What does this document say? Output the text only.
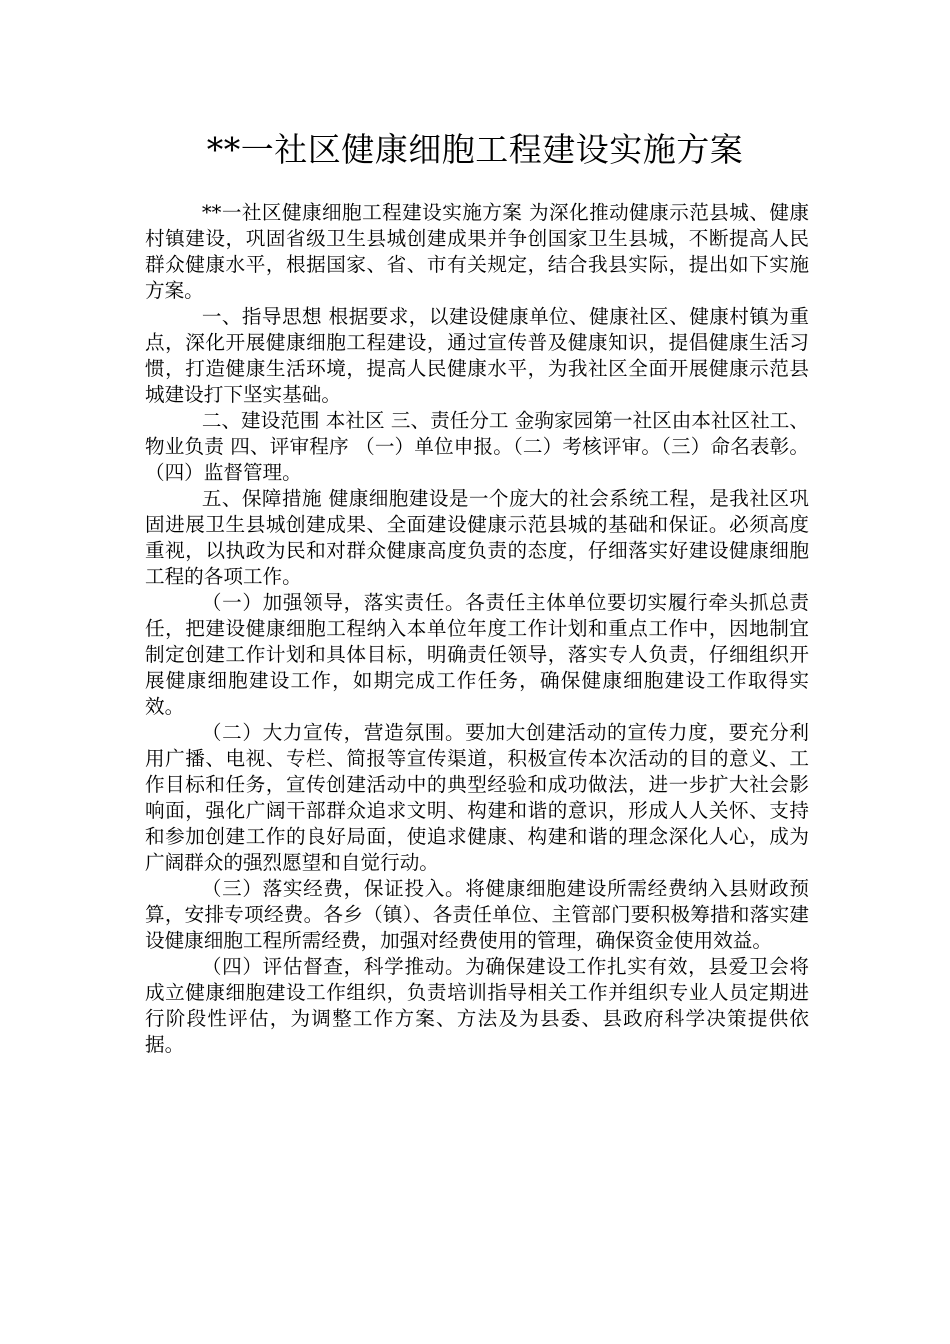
**一社区健康细胞工程建设实施方案

**一社区健康细胞工程建设实施方案 为深化推动健康示范县城、健康村镇建设，巩固省级卫生县城创建成果并争创国家卫生县城，不断提高人民群众健康水平，根据国家、省、市有关规定，结合我县实际，提出如下实施方案。

一、指导思想 根据要求，以建设健康单位、健康社区、健康村镇为重点，深化开展健康细胞工程建设，通过宣传普及健康知识，提倡健康生活习惯，打造健康生活环境，提高人民健康水平，为我社区全面开展健康示范县城建设打下坚实基础。

二、建设范围 本社区 三、责任分工 金驹家园第一社区由本社区社工、物业负责 四、评审程序 （一）单位申报。（二）考核评审。（三）命名表彰。（四）监督管理。

五、保障措施 健康细胞建设是一个庞大的社会系统工程，是我社区巩固进展卫生县城创建成果、全面建设健康示范县城的基础和保证。必须高度重视，以执政为民和对群众健康高度负责的态度，仔细落实好建设健康细胞工程的各项工作。

（一）加强领导，落实责任。各责任主体单位要切实履行牵头抓总责任，把建设健康细胞工程纳入本单位年度工作计划和重点工作中，因地制宜制定创建工作计划和具体目标，明确责任领导，落实专人负责，仔细组织开展健康细胞建设工作，如期完成工作任务，确保健康细胞建设工作取得实效。

（二）大力宣传，营造氛围。要加大创建活动的宣传力度，要充分利用广播、电视、专栏、简报等宣传渠道，积极宣传本次活动的目的意义、工作目标和任务，宣传创建活动中的典型经验和成功做法，进一步扩大社会影响面，强化广阔干部群众追求文明、构建和谐的意识，形成人人关怀、支持和参加创建工作的良好局面，使追求健康、构建和谐的理念深化人心，成为广阔群众的强烈愿望和自觉行动。

（三）落实经费，保证投入。将健康细胞建设所需经费纳入县财政预算，安排专项经费。各乡（镇）、各责任单位、主管部门要积极筹措和落实建设健康细胞工程所需经费，加强对经费使用的管理，确保资金使用效益。

（四）评估督查，科学推动。为确保建设工作扎实有效，县爱卫会将成立健康细胞建设工作组织，负责培训指导相关工作并组织专业人员定期进行阶段性评估，为调整工作方案、方法及为县委、县政府科学决策提供依据。
